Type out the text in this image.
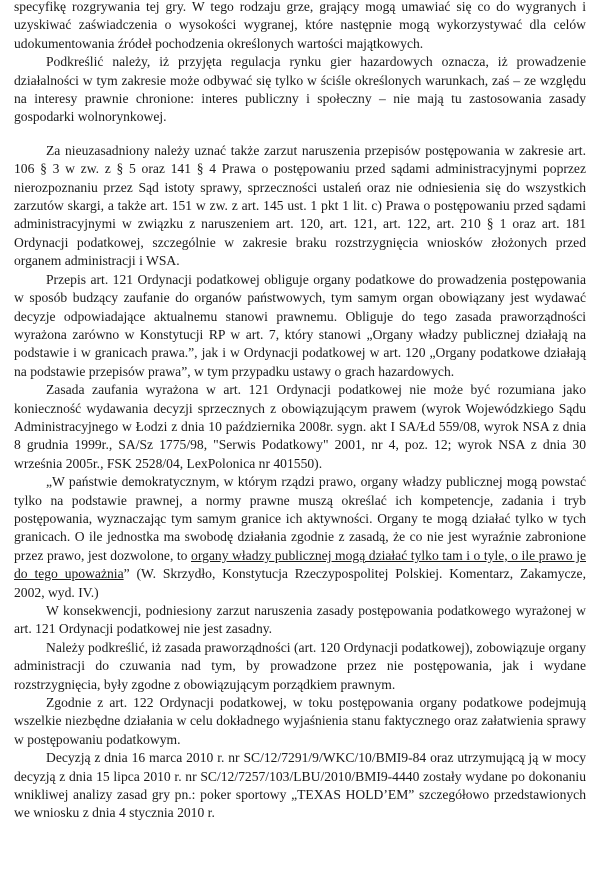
specyfikę rozgrywania tej gry. W tego rodzaju grze, grający mogą umawiać się co do wygranych i uzyskiwać zaświadczenia o wysokości wygranej, które następnie mogą wykorzystywać dla celów udokumentowania źródeł pochodzenia określonych wartości majątkowych.

Podkreślić należy, iż przyjęta regulacja rynku gier hazardowych oznacza, iż prowadzenie działalności w tym zakresie może odbywać się tylko w ściśle określonych warunkach, zaś – ze względu na interesy prawnie chronione: interes publiczny i społeczny – nie mają tu zastosowania zasady gospodarki wolnorynkowej.

Za nieuzasadniony należy uznać także zarzut naruszenia przepisów postępowania w zakresie art. 106 § 3 w zw. z § 5 oraz 141 § 4 Prawa o postępowaniu przed sądami administracyjnymi poprzez nierozpoznaniu przez Sąd istoty sprawy, sprzeczności ustaleń oraz nie odniesienia się do wszystkich zarzutów skargi, a także art. 151 w zw. z art. 145 ust. 1 pkt 1 lit. c) Prawa o postępowaniu przed sądami administracyjnymi w związku z naruszeniem art. 120, art. 121, art. 122, art. 210 § 1 oraz art. 181 Ordynacji podatkowej, szczególnie w zakresie braku rozstrzygnięcia wniosków złożonych przed organem administracji i WSA.

Przepis art. 121 Ordynacji podatkowej obliguje organy podatkowe do prowadzenia postępowania w sposób budzący zaufanie do organów państwowych, tym samym organ obowiązany jest wydawać decyzje odpowiadające aktualnemu stanowi prawnemu. Obliguje do tego zasada praworządności wyrażona zarówno w Konstytucji RP w art. 7, który stanowi „Organy władzy publicznej działają na podstawie i w granicach prawa.”, jak i w Ordynacji podatkowej w art. 120 „Organy podatkowe działają na podstawie przepisów prawa”, w tym przypadku ustawy o grach hazardowych.

Zasada zaufania wyrażona w art. 121 Ordynacji podatkowej nie może być rozumiana jako konieczność wydawania decyzji sprzecznych z obowiązującym prawem (wyrok Wojewódzkiego Sądu Administracyjnego w Łodzi z dnia 10 października 2008r. sygn. akt I SA/Łd 559/08, wyrok NSA z dnia 8 grudnia 1999r., SA/Sz 1775/98, "Serwis Podatkowy" 2001, nr 4, poz. 12; wyrok NSA z dnia 30 września 2005r., FSK 2528/04, LexPolonica nr 401550).

„W państwie demokratycznym, w którym rządzi prawo, organy władzy publicznej mogą powstać tylko na podstawie prawnej, a normy prawne muszą określać ich kompetencje, zadania i tryb postępowania, wyznaczając tym samym granice ich aktywności. Organy te mogą działać tylko w tych granicach. O ile jednostka ma swobodę działania zgodnie z zasadą, że co nie jest wyraźnie zabronione przez prawo, jest dozwolone, to organy władzy publicznej mogą działać tylko tam i o tyle, o ile prawo je do tego upoważnia” (W. Skrzydło, Konstytucja Rzeczypospolitej Polskiej. Komentarz, Zakamycze, 2002, wyd. IV.)

W konsekwencji, podniesiony zarzut naruszenia zasady postępowania podatkowego wyrażonej w art. 121 Ordynacji podatkowej nie jest zasadny.

Należy podkreślić, iż zasada praworządności (art. 120 Ordynacji podatkowej), zobowiązuje organy administracji do czuwania nad tym, by prowadzone przez nie postępowania, jak i wydane rozstrzygnięcia, były zgodne z obowiązującym porządkiem prawnym.

Zgodnie z art. 122 Ordynacji podatkowej, w toku postępowania organy podatkowe podejmują wszelkie niezbędne działania w celu dokładnego wyjaśnienia stanu faktycznego oraz załatwienia sprawy w postępowaniu podatkowym.

Decyzją z dnia 16 marca 2010 r. nr SC/12/7291/9/WKC/10/BMI9-84 oraz utrzymującą ją w mocy decyzją z dnia 15 lipca 2010 r. nr SC/12/7257/103/LBU/2010/BMI9-4440 zostały wydane po dokonaniu wnikliwej analizy zasad gry pn.: poker sportowy „TEXAS HOLD’EM” szczegółowo przedstawionych we wniosku z dnia 4 stycznia 2010 r.
